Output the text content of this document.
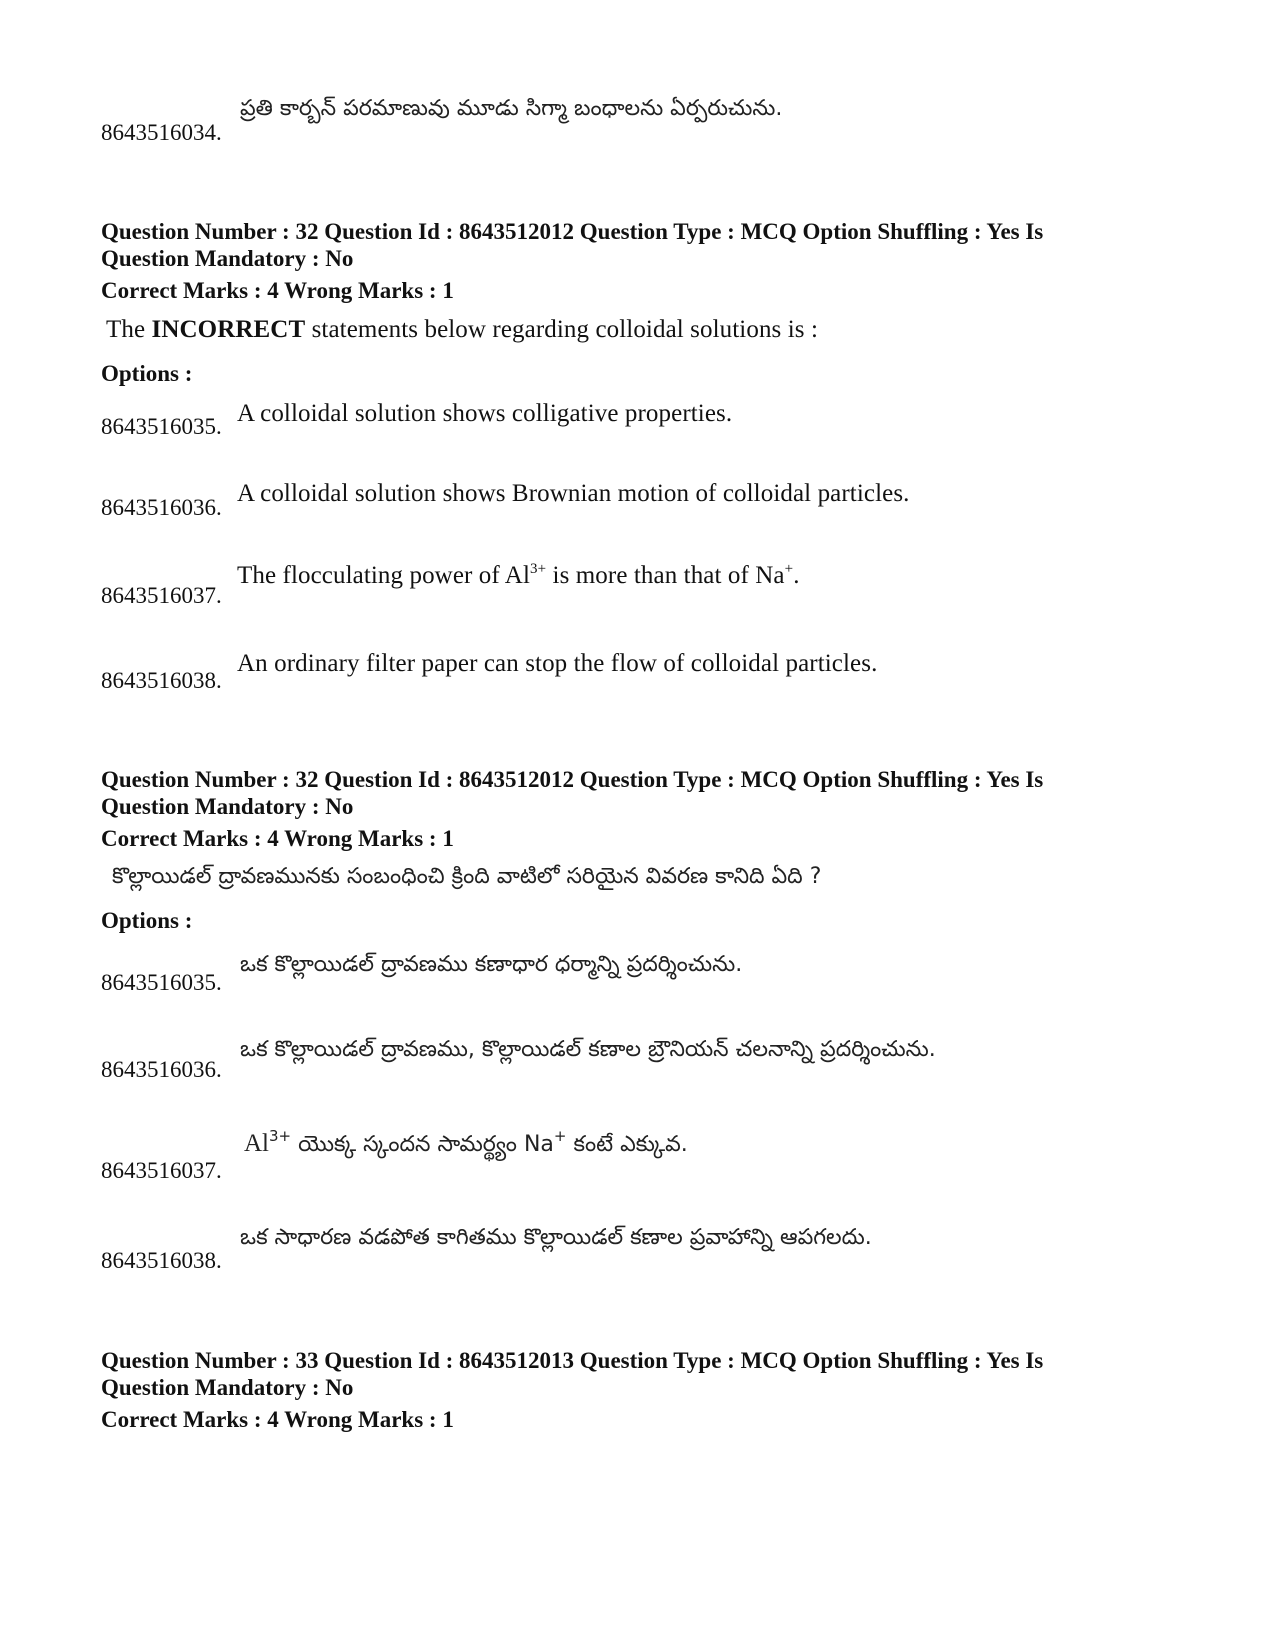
ప్రతి కార్బన్ పరమాణువు మూడు సిగ్మా బంధాలను ఏర్పరుచును.
8643516034.
Question Number : 32 Question Id : 8643512012 Question Type : MCQ Option Shuffling : Yes Is
Question Mandatory : No
Correct Marks : 4 Wrong Marks : 1
The INCORRECT statements below regarding colloidal solutions is :
Options :
A colloidal solution shows colligative properties.
8643516035.
A colloidal solution shows Brownian motion of colloidal particles.
8643516036.
The flocculating power of $Al^{3+}$ is more than that of Na+.
8643516037.
An ordinary filter paper can stop the flow of colloidal particles.
8643516038.
Question Number : 32 Question Id : 8643512012 Question Type : MCQ Option Shuffling : Yes Is
Question Mandatory : No
Correct Marks : 4 Wrong Marks : 1
కొల్లాయిడల్ ద్రావణమునకు సంబంధించి క్రింది వాటిలో సరియైన వివరణ కానిది ఏది ?
Options :
ఒక కొల్లాయిడల్ ద్రావణము కణాధార ధర్మాన్ని ప్రదర్శించును.
8643516035.
ఒక కొల్లాయిడల్ ద్రావణము, కొల్లాయిడల్ కణాల బ్రౌనియన్ చలనాన్ని ప్రదర్శించును.
8643516036.
$Al^{3+}$ యొక్క స్కందన సామర్థ్యం Na+ కంటే ఎక్కువ.
8643516037.
ఒక సాధారణ వడపోత కాగితము కొల్లాయిడల్ కణాల ప్రవాహాన్ని ఆపగలదు.
8643516038.
Question Number : 33 Question Id : 8643512013 Question Type : MCQ Option Shuffling : Yes Is
Question Mandatory : No
Correct Marks : 4 Wrong Marks : 1
